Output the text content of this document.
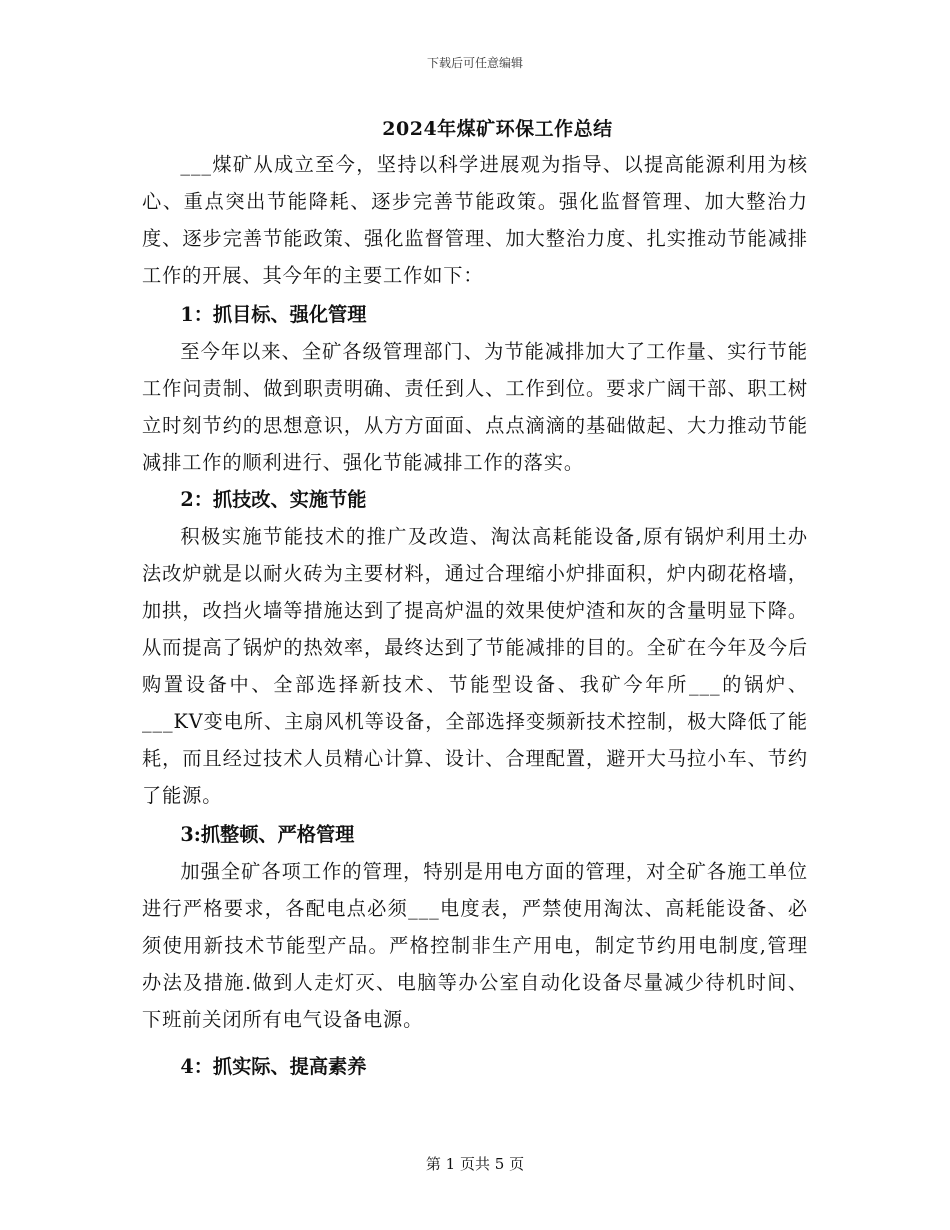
下载后可任意编辑
2024年煤矿环保工作总结

___煤矿从成立至今，坚持以科学进展观为指导、以提高能源利用为核心、重点突出节能降耗、逐步完善节能政策。强化监督管理、加大整治力度、逐步完善节能政策、强化监督管理、加大整治力度、扎实推动节能减排工作的开展、其今年的主要工作如下：

1：抓目标、强化管理

至今年以来、全矿各级管理部门、为节能减排加大了工作量、实行节能工作问责制、做到职责明确、责任到人、工作到位。要求广阔干部、职工树立时刻节约的思想意识，从方方面面、点点滴滴的基础做起、大力推动节能减排工作的顺利进行、强化节能减排工作的落实。

2：抓技改、实施节能

积极实施节能技术的推广及改造、淘汰高耗能设备,原有锅炉利用土办法改炉就是以耐火砖为主要材料，通过合理缩小炉排面积，炉内砌花格墙，加拱，改挡火墙等措施达到了提高炉温的效果使炉渣和灰的含量明显下降。从而提高了锅炉的热效率，最终达到了节能减排的目的。全矿在今年及今后购置设备中、全部选择新技术、节能型设备、我矿今年所___的锅炉、___KV变电所、主扇风机等设备，全部选择变频新技术控制，极大降低了能耗，而且经过技术人员精心计算、设计、合理配置，避开大马拉小车、节约了能源。

3:抓整顿、严格管理

加强全矿各项工作的管理，特别是用电方面的管理，对全矿各施工单位进行严格要求，各配电点必须___电度表，严禁使用淘汰、高耗能设备、必须使用新技术节能型产品。严格控制非生产用电，制定节约用电制度,管理办法及措施.做到人走灯灭、电脑等办公室自动化设备尽量减少待机时间、下班前关闭所有电气设备电源。

4：抓实际、提高素养

第 1 页共 5 页
